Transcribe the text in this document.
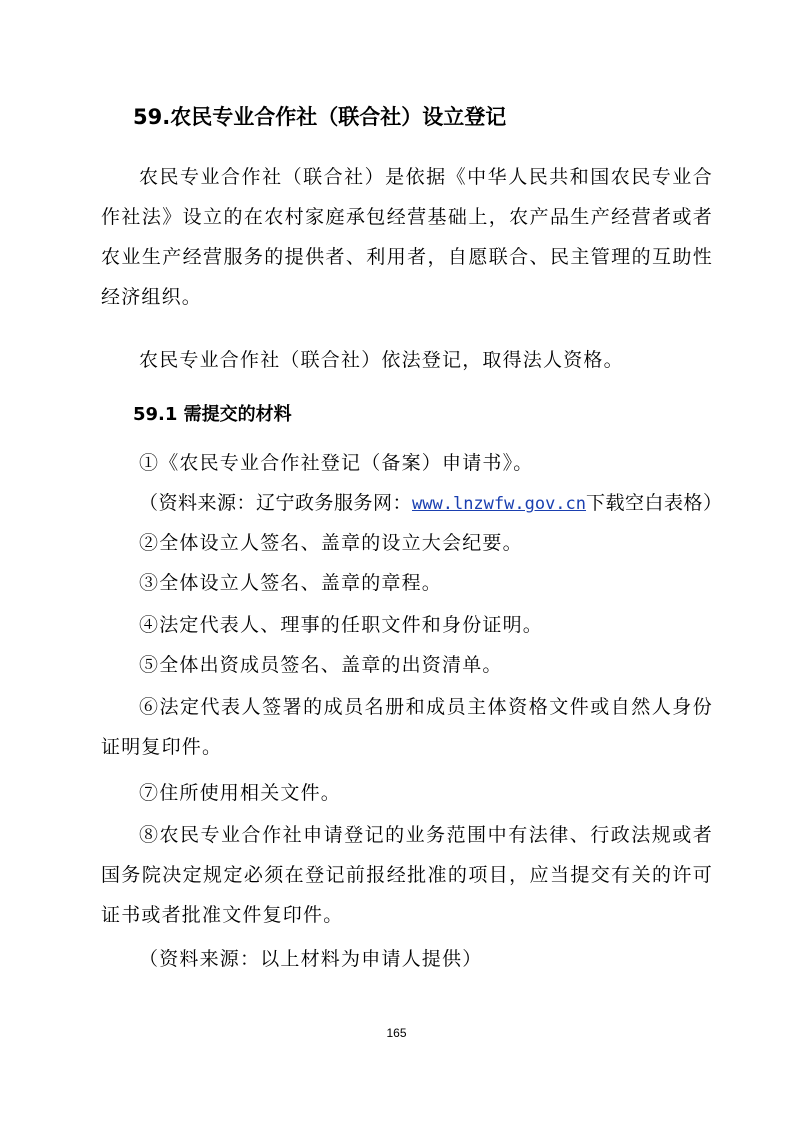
59.农民专业合作社（联合社）设立登记
农民专业合作社（联合社）是依据《中华人民共和国农民专业合作社法》设立的在农村家庭承包经营基础上，农产品生产经营者或者农业生产经营服务的提供者、利用者，自愿联合、民主管理的互助性经济组织。
农民专业合作社（联合社）依法登记，取得法人资格。
59.1 需提交的材料
①《农民专业合作社登记（备案）申请书》。
（资料来源：辽宁政务服务网：www.lnzwfw.gov.cn下载空白表格）
②全体设立人签名、盖章的设立大会纪要。
③全体设立人签名、盖章的章程。
④法定代表人、理事的任职文件和身份证明。
⑤全体出资成员签名、盖章的出资清单。
⑥法定代表人签署的成员名册和成员主体资格文件或自然人身份证明复印件。
⑦住所使用相关文件。
⑧农民专业合作社申请登记的业务范围中有法律、行政法规或者国务院决定规定必须在登记前报经批准的项目，应当提交有关的许可证书或者批准文件复印件。
（资料来源：以上材料为申请人提供）
165
